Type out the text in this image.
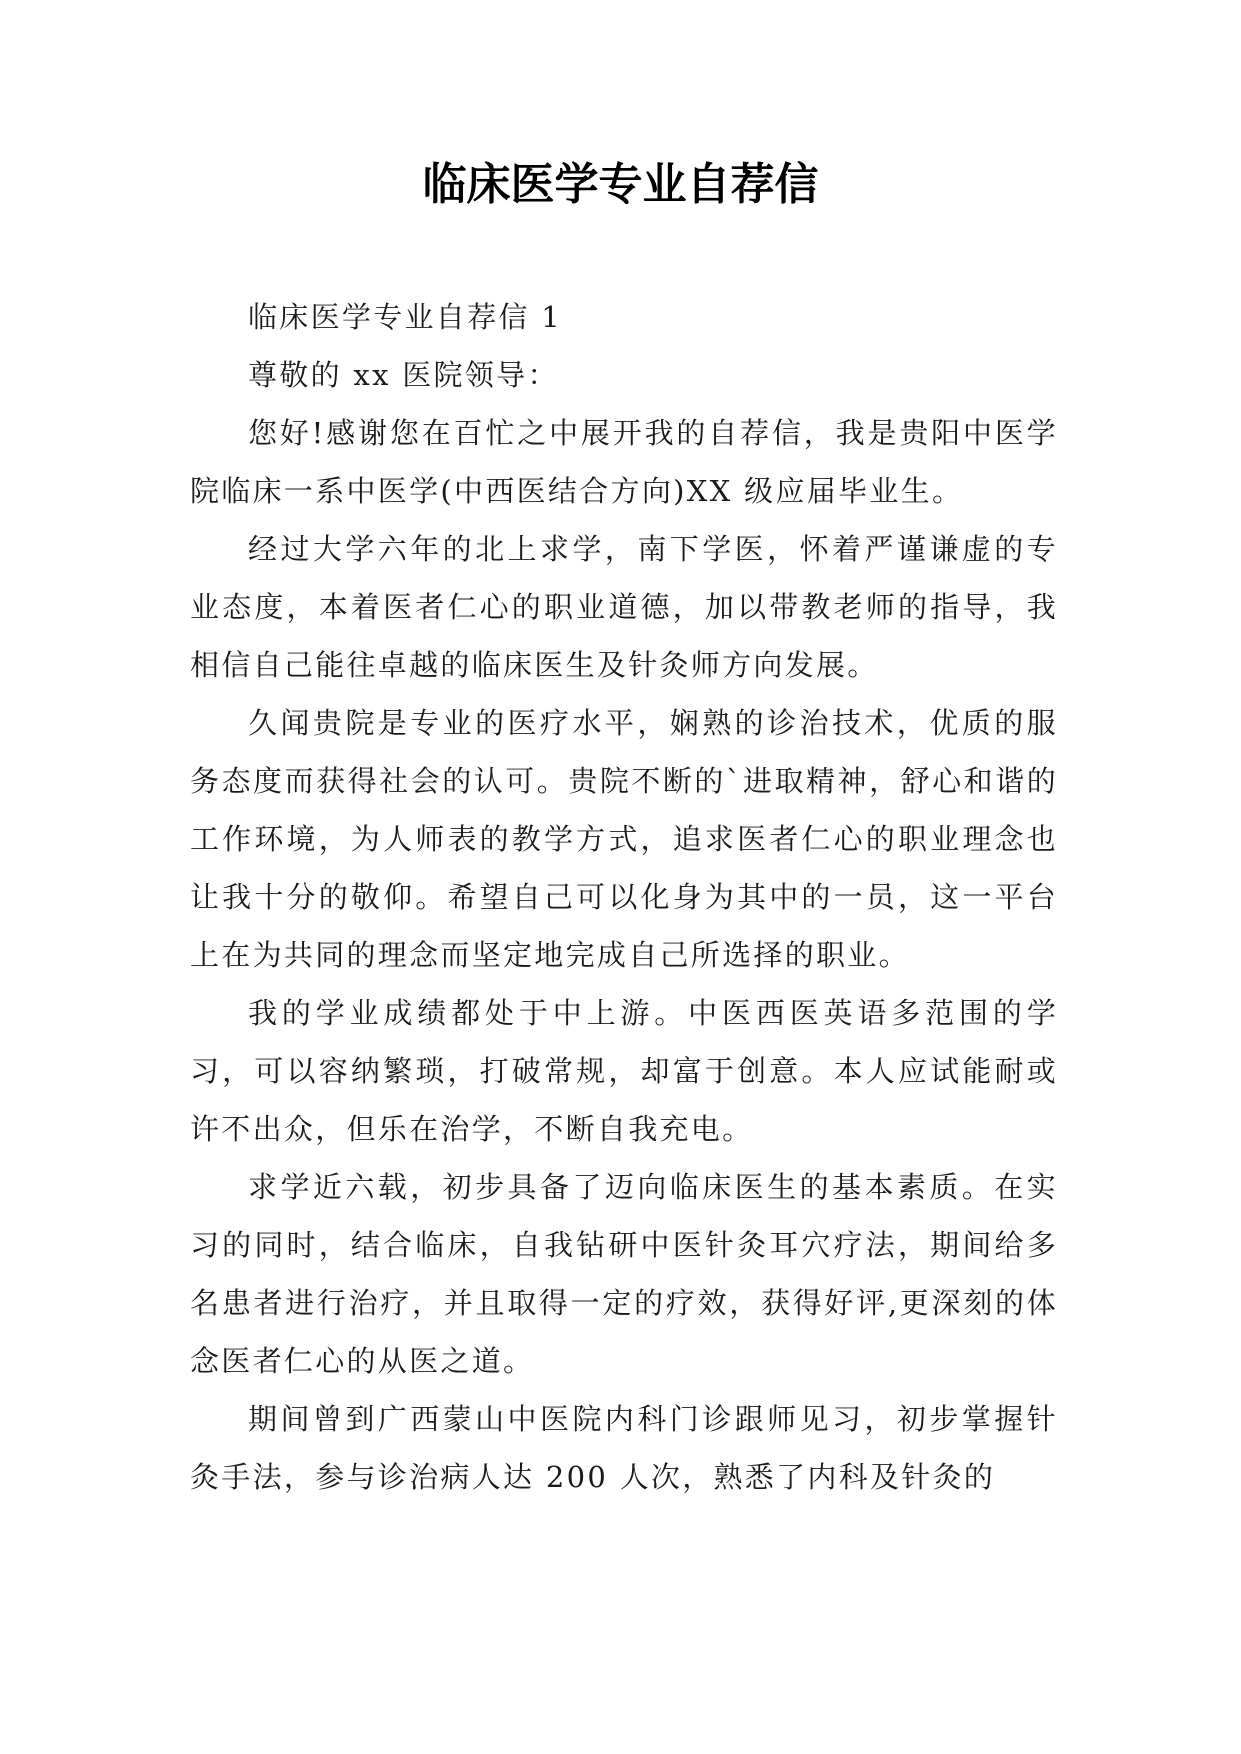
临床医学专业自荐信

临床医学专业自荐信 1

尊敬的 xx 医院领导：

您好!感谢您在百忙之中展开我的自荐信，我是贵阳中医学院临床一系中医学(中西医结合方向)XX 级应届毕业生。

经过大学六年的北上求学，南下学医，怀着严谨谦虚的专业态度，本着医者仁心的职业道德，加以带教老师的指导，我相信自己能往卓越的临床医生及针灸师方向发展。

久闻贵院是专业的医疗水平，娴熟的诊治技术，优质的服务态度而获得社会的认可。贵院不断的`进取精神，舒心和谐的工作环境，为人师表的教学方式，追求医者仁心的职业理念也让我十分的敬仰。希望自己可以化身为其中的一员，这一平台上在为共同的理念而坚定地完成自己所选择的职业。

我的学业成绩都处于中上游。中医西医英语多范围的学习，可以容纳繁琐，打破常规，却富于创意。本人应试能耐或许不出众，但乐在治学，不断自我充电。

求学近六载，初步具备了迈向临床医生的基本素质。在实习的同时，结合临床，自我钻研中医针灸耳穴疗法，期间给多名患者进行治疗，并且取得一定的疗效，获得好评,更深刻的体念医者仁心的从医之道。

期间曾到广西蒙山中医院内科门诊跟师见习，初步掌握针灸手法，参与诊治病人达 200 人次，熟悉了内科及针灸的
